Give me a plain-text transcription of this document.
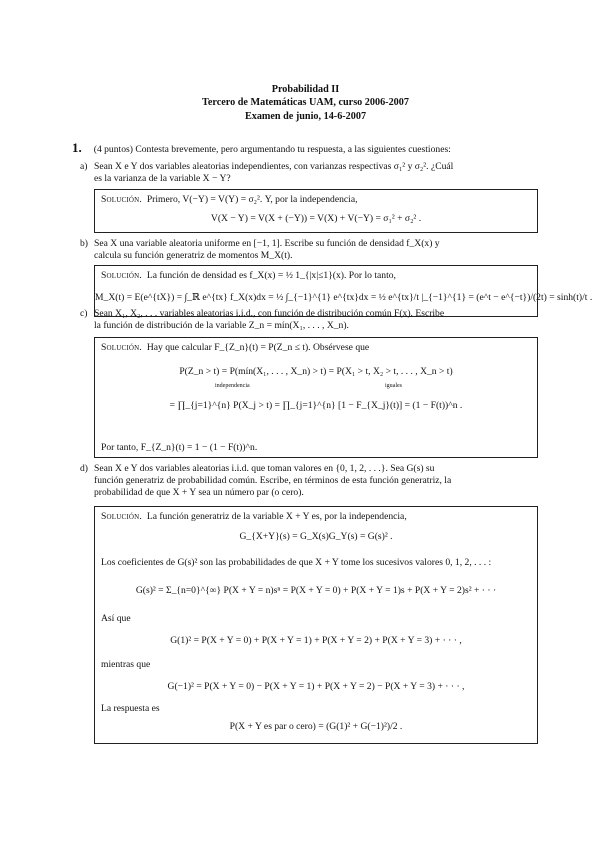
Probabilidad II
Tercero de Matemáticas UAM, curso 2006-2007
Examen de junio, 14-6-2007
1. (4 puntos) Contesta brevemente, pero argumentando tu respuesta, a las siguientes cuestiones:
a) Sean X e Y dos variables aleatorias independientes, con varianzas respectivas σ₁² y σ₂². ¿Cuál
es la varianza de la variable X − Y?
Solución. Primero, V(−Y) = V(Y) = σ₂². Y, por la independencia,
V(X − Y) = V(X + (−Y)) = V(X) + V(−Y) = σ₁² + σ₂² .
b) Sea X una variable aleatoria uniforme en [−1, 1]. Escribe su función de densidad f_X(x) y
calcula su función generatriz de momentos M_X(t).
Solución. La función de densidad es f_X(x) = ½ 1_{|x|≤1}(x). Por lo tanto,
M_X(t) = E(e^{tX}) = ∫_ℝ e^{tx} f_X(x)dx = ½ ∫_{−1}^{1} e^{tx}dx = ½ e^{tx}/t |_{−1}^{1} = (e^t − e^{−t})/(2t) = sinh(t)/t .
c) Sean X₁, X₂, . . . variables aleatorias i.i.d., con función de distribución común F(x). Escribe
la función de distribución de la variable Z_n = mín(X₁, . . . , X_n).
Solución. Hay que calcular F_{Z_n}(t) = P(Z_n ≤ t). Obsérvese que
P(Z_n > t) = P(mín(X₁, . . . , X_n) > t) = P(X₁ > t, X₂ > t, . . . , X_n > t)
independencia	iguales
= ∏_{j=1}^{n} P(X_j > t) = ∏_{j=1}^{n} [1 − F_{X_j}(t)] = (1 − F(t))^n .
Por tanto, F_{Z_n}(t) = 1 − (1 − F(t))^n.
d) Sean X e Y dos variables aleatorias i.i.d. que toman valores en {0, 1, 2, . . .}. Sea G(s) su
función generatriz de probabilidad común. Escribe, en términos de esta función generatriz, la
probabilidad de que X + Y sea un número par (o cero).
Solución. La función generatriz de la variable X + Y es, por la independencia,
G_{X+Y}(s) = G_X(s)G_Y(s) = G(s)² .
Los coeficientes de G(s)² son las probabilidades de que X + Y tome los sucesivos valores 0, 1, 2, . . . :
G(s)² = Σ_{n=0}^{∞} P(X + Y = n)sⁿ = P(X + Y = 0) + P(X + Y = 1)s + P(X + Y = 2)s² + · · ·
Así que
G(1)² = P(X + Y = 0) + P(X + Y = 1) + P(X + Y = 2) + P(X + Y = 3) + · · · ,
mientras que
G(−1)² = P(X + Y = 0) − P(X + Y = 1) + P(X + Y = 2) − P(X + Y = 3) + · · · ,
La respuesta es
P(X + Y es par o cero) = (G(1)² + G(−1)²)/2 .
